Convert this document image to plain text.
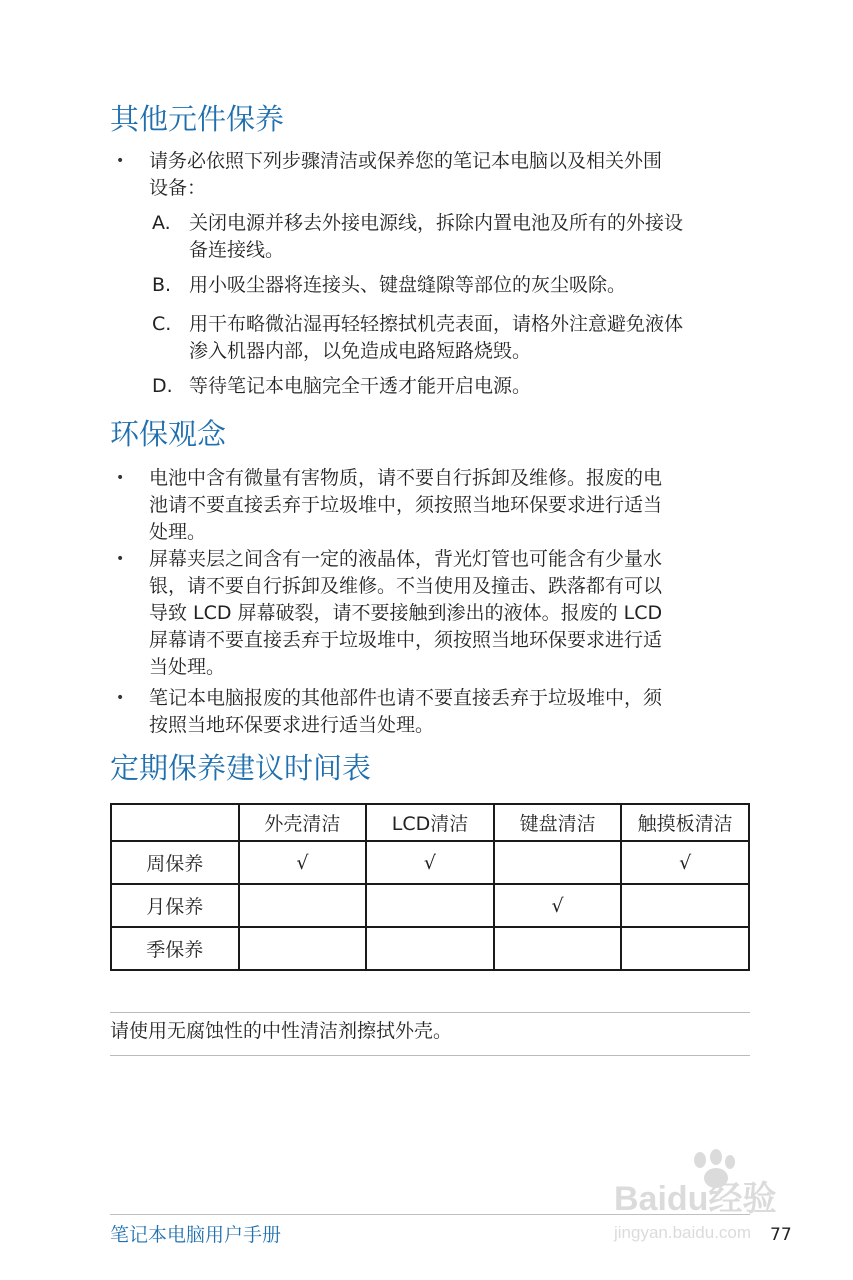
其他元件保养
• 请务必依照下列步骤清洁或保养您的笔记本电脑以及相关外围
设备：
A. 关闭电源并移去外接电源线，拆除内置电池及所有的外接设
备连接线。
B. 用小吸尘器将连接头、键盘缝隙等部位的灰尘吸除。
C. 用干布略微沾湿再轻轻擦拭机壳表面，请格外注意避免液体
渗入机器内部，以免造成电路短路烧毁。
D. 等待笔记本电脑完全干透才能开启电源。
环保观念
• 电池中含有微量有害物质，请不要自行拆卸及维修。报废的电
池请不要直接丢弃于垃圾堆中，须按照当地环保要求进行适当
处理。
• 屏幕夹层之间含有一定的液晶体，背光灯管也可能含有少量水
银，请不要自行拆卸及维修。不当使用及撞击、跌落都有可以
导致 LCD 屏幕破裂，请不要接触到渗出的液体。报废的 LCD
屏幕请不要直接丢弃于垃圾堆中，须按照当地环保要求进行适
当处理。
• 笔记本电脑报废的其他部件也请不要直接丢弃于垃圾堆中，须
按照当地环保要求进行适当处理。
定期保养建议时间表
	外壳清洁	LCD清洁	键盘清洁	触摸板清洁
周保养	√	√		√
月保养			√	
季保养				
请使用无腐蚀性的中性清洁剂擦拭外壳。
Baidu经验
jingyan.baidu.com
笔记本电脑用户手册	77
